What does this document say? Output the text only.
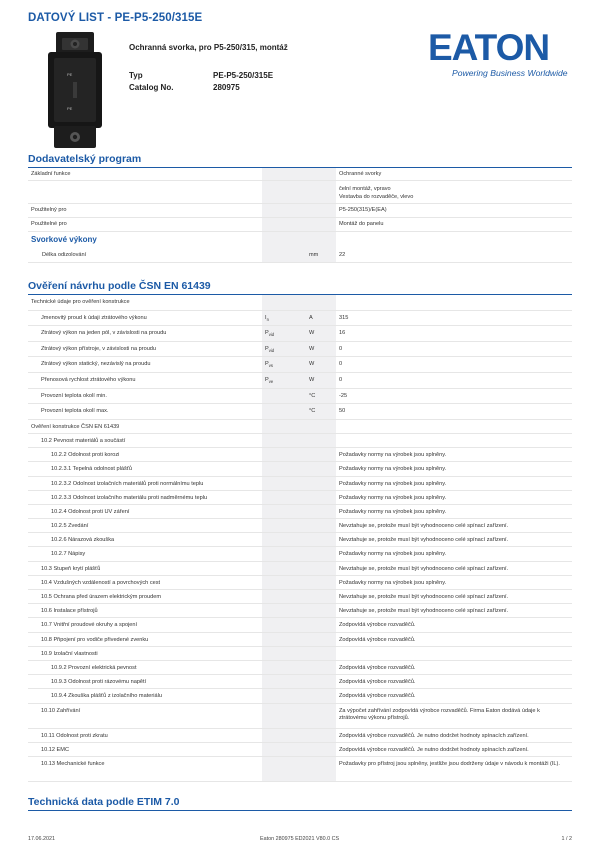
DATOVÝ LIST - PE-P5-250/315E
PE
PE
Ochranná svorka, pro P5-250/315, montáž
Typ	PE-P5-250/315E
Catalog No.	280975
EATON
Powering Business Worldwide
Dodavatelský program
Základní funkce	Ochranné svorky
čelní montáž, vpravo
Vestavba do rozvaděče, vlevo
Použitelný pro	P5-250(315)/E(EA)
Použitelné pro	Montáž do panelu
Svorkové výkony
Délka odizolování	mm	22
Ověření návrhu podle ČSN EN 61439
Technické údaje pro ověření konstrukce
Jmenovitý proud k údaji ztrátového výkonu	$I_n$	A	315
Ztrátový výkon na jeden pól, v závislosti na proudu	$P_{vid}$	W	16
Ztrátový výkon přístroje, v závislosti na proudu	$P_{vid}$	W	0
Ztrátový výkon statický, nezávislý na proudu	$P_{vs}$	W	0
Přenosová rychlost ztrátového výkonu	$P_{ve}$	W	0
Provozní teplota okolí min.	°C	-25
Provozní teplota okolí max.	°C	50
Ověření konstrukce ČSN EN 61439
10.2 Pevnost materiálů a součástí
10.2.2 Odolnost proti korozi	Požadavky normy na výrobek jsou splněny.
10.2.3.1 Tepelná odolnost plášťů	Požadavky normy na výrobek jsou splněny.
10.2.3.2 Odolnost izolačních materiálů proti normálnímu teplu	Požadavky normy na výrobek jsou splněny.
10.2.3.3 Odolnost izolačního materiálu proti nadměrnému teplu	Požadavky normy na výrobek jsou splněny.
10.2.4 Odolnost proti UV záření	Požadavky normy na výrobek jsou splněny.
10.2.5 Zvedání	Nevztahuje se, protože musí být vyhodnoceno celé spínací zařízení.
10.2.6 Nárazová zkouška	Nevztahuje se, protože musí být vyhodnoceno celé spínací zařízení.
10.2.7 Nápisy	Požadavky normy na výrobek jsou splněny.
10.3 Stupeň krytí plášťů	Nevztahuje se, protože musí být vyhodnoceno celé spínací zařízení.
10.4 Vzdušných vzdáleností a povrchových cest	Požadavky normy na výrobek jsou splněny.
10.5 Ochrana před úrazem elektrickým proudem	Nevztahuje se, protože musí být vyhodnoceno celé spínací zařízení.
10.6 Instalace přístrojů	Nevztahuje se, protože musí být vyhodnoceno celé spínací zařízení.
10.7 Vnitřní proudové okruhy a spojení	Zodpovídá výrobce rozvaděčů.
10.8 Připojení pro vodiče přivedené zvenku	Zodpovídá výrobce rozvaděčů.
10.9 Izolační vlastnosti
10.9.2 Provozní elektrická pevnost	Zodpovídá výrobce rozvaděčů.
10.9.3 Odolnost proti rázovému napětí	Zodpovídá výrobce rozvaděčů.
10.9.4 Zkouška plášťů z izolačního materiálu	Zodpovídá výrobce rozvaděčů.
10.10 Zahřívání	Za výpočet zahřívání zodpovídá výrobce rozvaděčů. Firma Eaton dodává údaje k ztrátovému výkonu přístrojů.
10.11 Odolnost proti zkratu	Zodpovídá výrobce rozvaděčů. Je nutno dodržet hodnoty spínacích zařízení.
10.12 EMC	Zodpovídá výrobce rozvaděčů. Je nutno dodržet hodnoty spínacích zařízení.
10.13 Mechanické funkce	Požadavky pro přístroj jsou splněny, jestliže jsou dodrženy údaje v návodu k montáži (IL).
Technická data podle ETIM 7.0
17.06.2021	Eaton 280975 ED2021 V80.0 CS	1 / 2
